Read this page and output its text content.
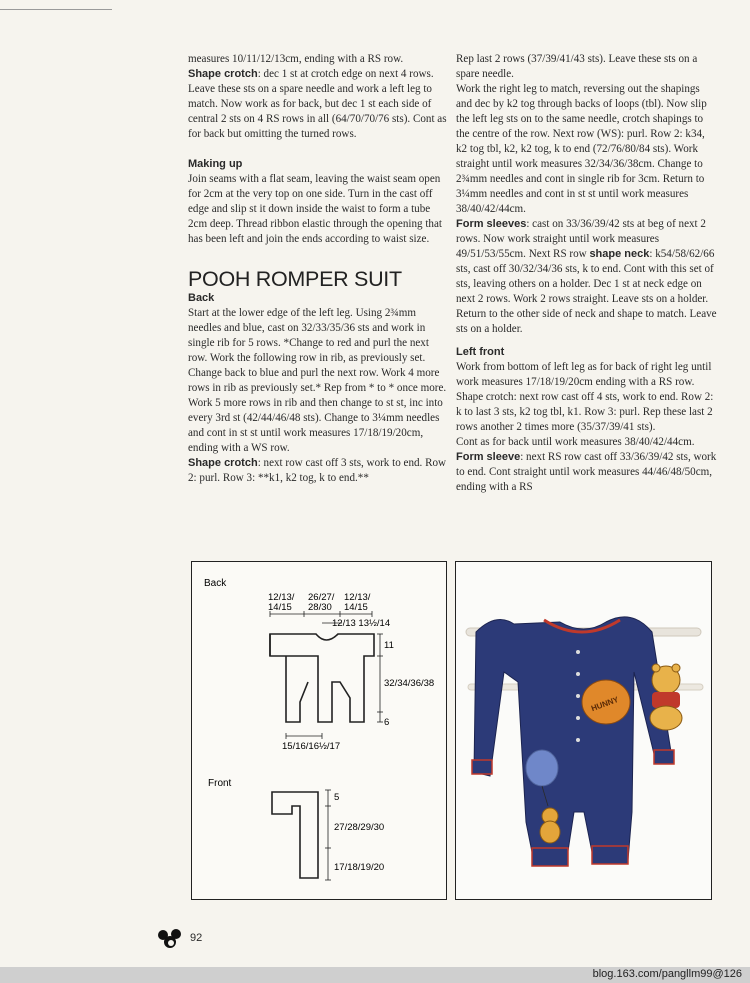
measures 10/11/12/13cm, ending with a RS row.

Shape crotch: dec 1 st at crotch edge on next 4 rows. Leave these sts on a spare needle and work a left leg to match. Now work as for back, but dec 1 st each side of central 2 sts on 4 RS rows in all (64/70/70/76 sts). Cont as for back but omitting the turned rows.

Making up

Join seams with a flat seam, leaving the waist seam open for 2cm at the very top on one side. Turn in the cast off edge and slip st it down inside the waist to form a tube 2cm deep. Thread ribbon elastic through the opening that has been left and join the ends according to waist size.

POOH ROMPER SUIT

Back

Start at the lower edge of the left leg. Using 2¾mm needles and blue, cast on 32/33/35/36 sts and work in single rib for 5 rows. *Change to red and purl the next row. Work the following row in rib, as previously set. Change back to blue and purl the next row. Work 4 more rows in rib as previously set.* Rep from * to * once more. Work 5 more rows in rib and then change to st st, inc into every 3rd st (42/44/46/48 sts). Change to 3¼mm needles and cont in st st until work measures 17/18/19/20cm, ending with a WS row.

Shape crotch: next row cast off 3 sts, work to end. Row 2: purl. Row 3: **k1, k2 tog, k to end.**

Rep last 2 rows (37/39/41/43 sts). Leave these sts on a spare needle.

Work the right leg to match, reversing out the shapings and dec by k2 tog through backs of loops (tbl). Now slip the left leg sts on to the same needle, crotch shapings to the centre of the row. Next row (WS): purl. Row 2: k34, k2 tog tbl, k2, k2 tog, k to end (72/76/80/84 sts). Work straight until work measures 32/34/36/38cm. Change to 2¾mm needles and cont in single rib for 3cm. Return to 3¼mm needles and cont in st st until work measures 38/40/42/44cm.

Form sleeves: cast on 33/36/39/42 sts at beg of next 2 rows. Now work straight until work measures 49/51/53/55cm. Next RS row shape neck: k54/58/62/66 sts, cast off 30/32/34/36 sts, k to end. Cont with this set of sts, leaving others on a holder. Dec 1 st at neck edge on next 2 rows. Work 2 rows straight. Leave sts on a holder. Return to the other side of neck and shape to match. Leave sts on a holder.

Left front

Work from bottom of left leg as for back of right leg until work measures 17/18/19/20cm ending with a RS row. Shape crotch: next row cast off 4 sts, work to end. Row 2: k to last 3 sts, k2 tog tbl, k1. Row 3: purl. Rep these last 2 rows another 2 times more (35/37/39/41 sts).

Cont as for back until work measures 38/40/42/44cm. Form sleeve: next RS row cast off 33/36/39/42 sts, work to end. Cont straight until work measures 44/46/48/50cm, ending with a RS

Back
12/13/
14/15
26/27/
28/30
12/13/
14/15
12/13 13½/14
11
32/34/36/38
6
15/16/16½/17
Front
5
27/28/29/30
17/18/19/20
HUNNY
92
blog.163.com/pangllm99@126
